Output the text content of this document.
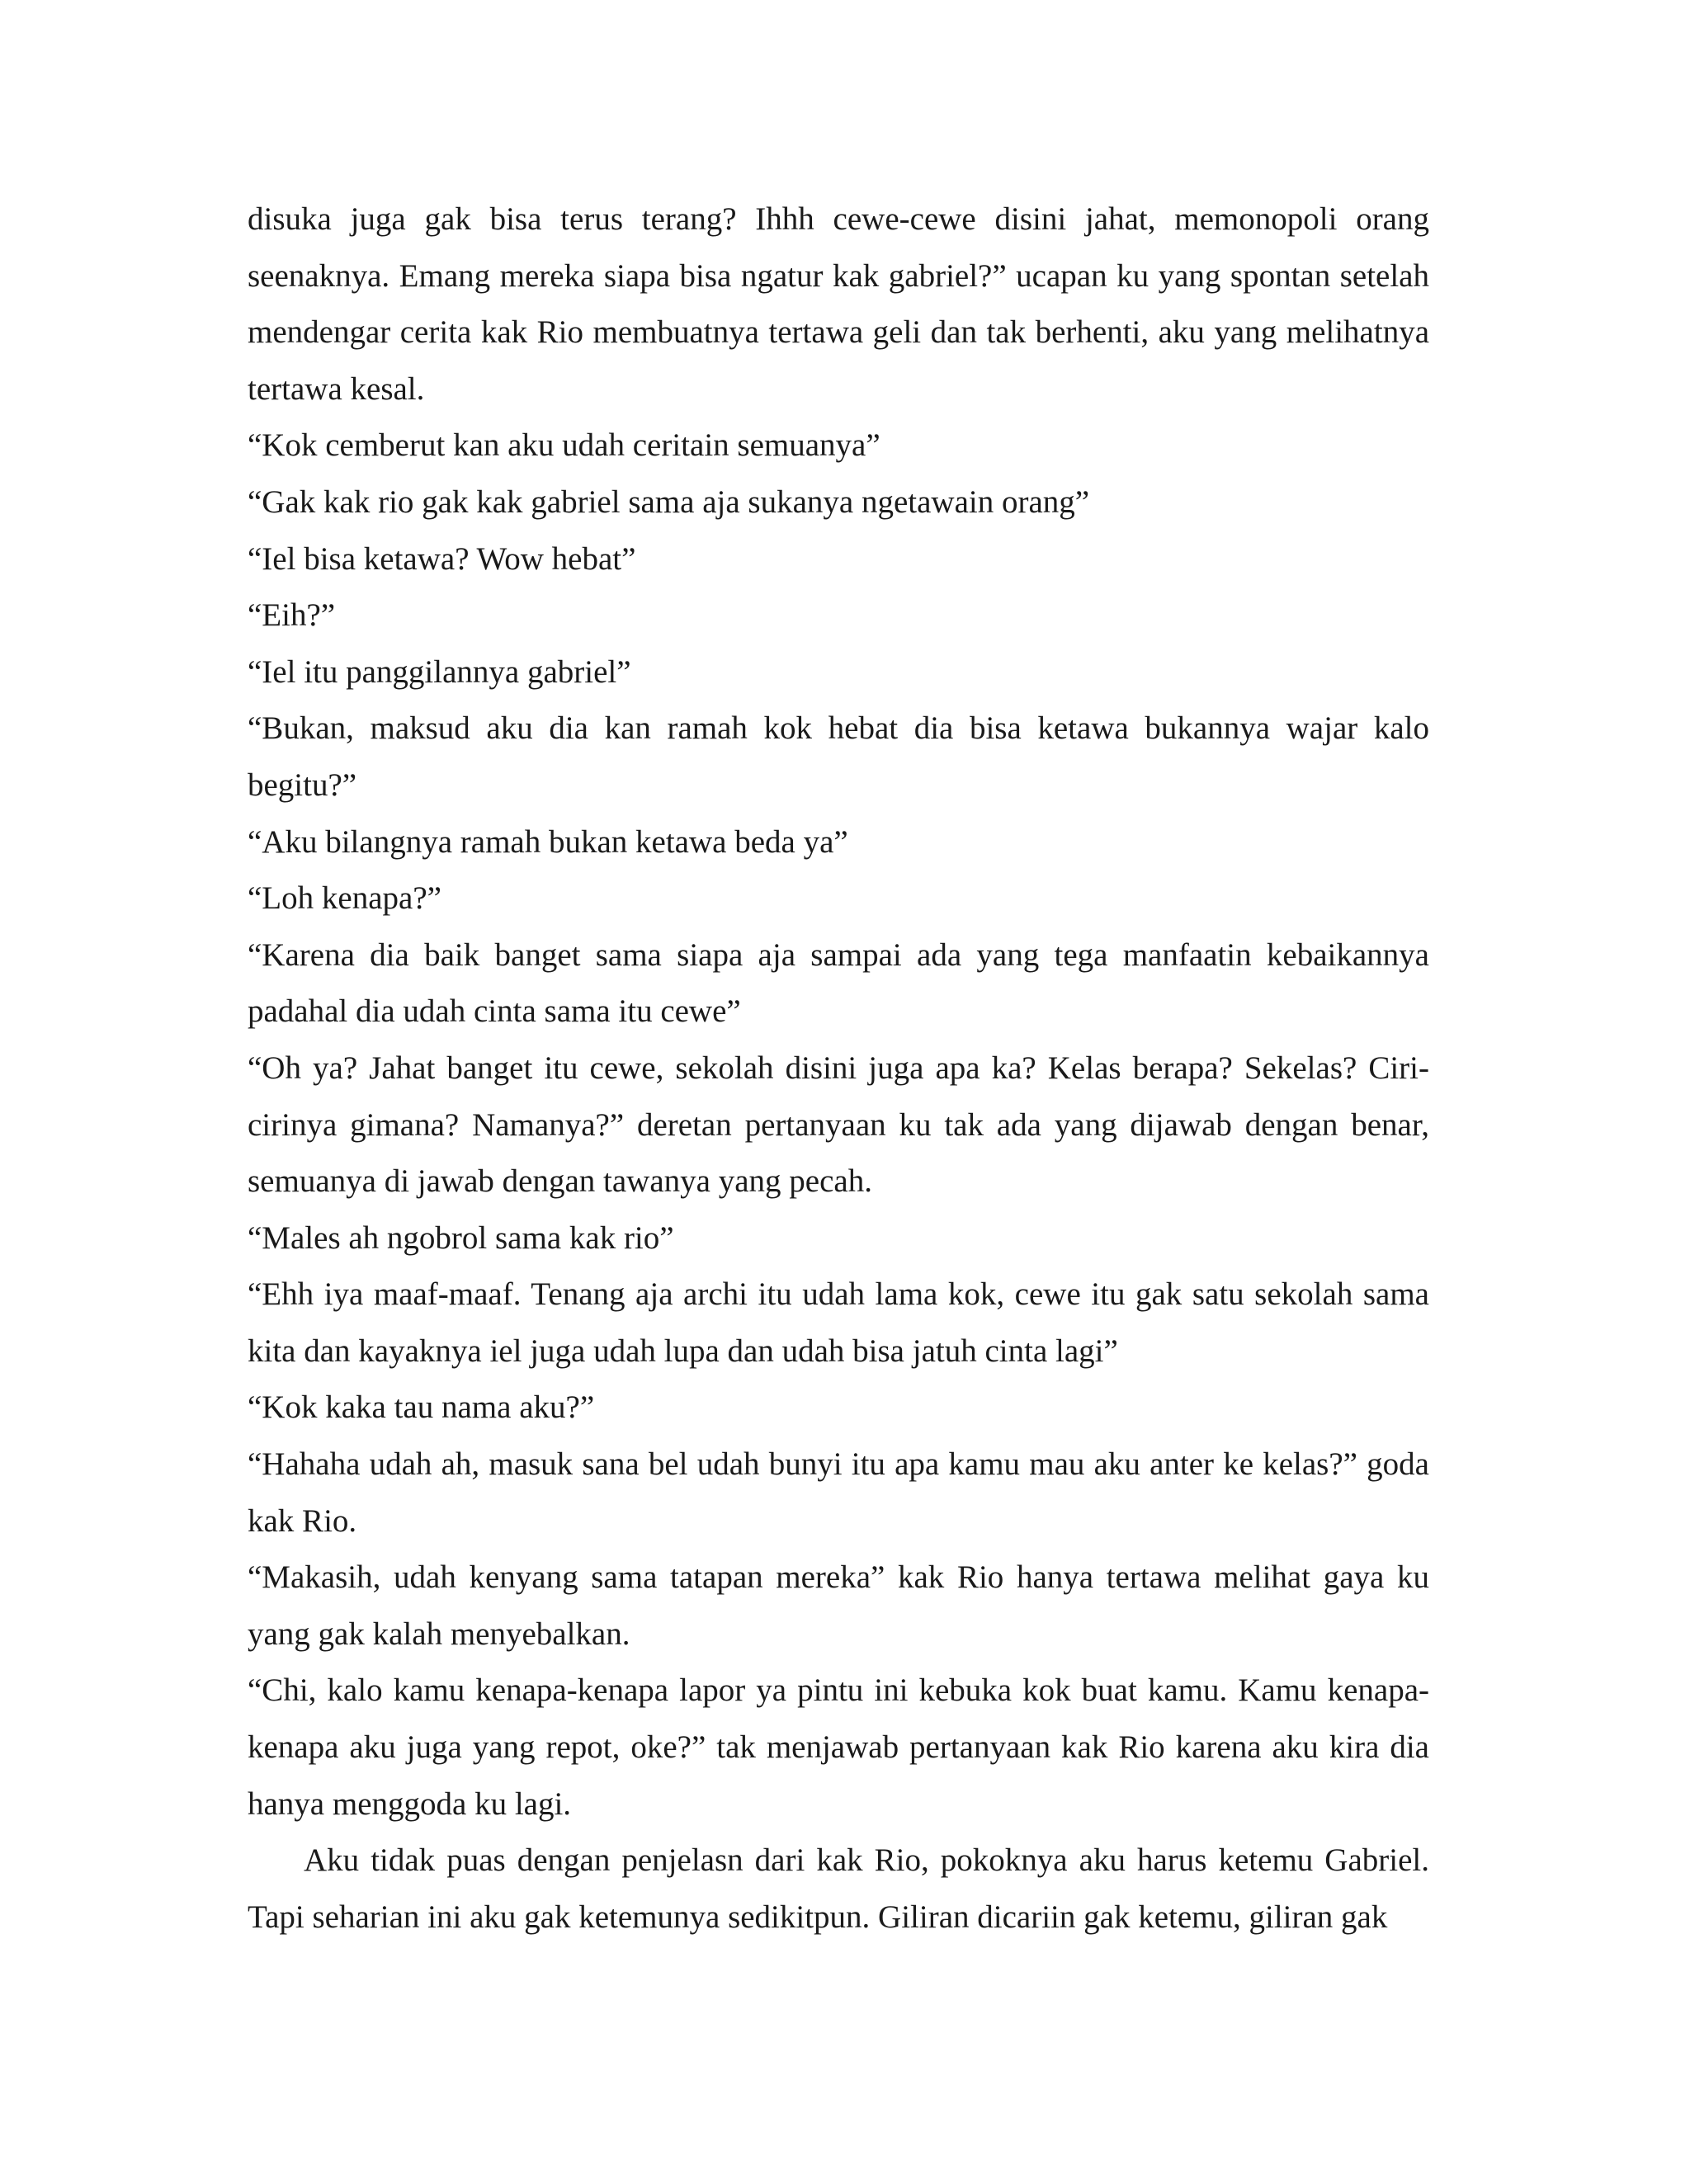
disuka juga gak bisa terus terang? Ihhh cewe-cewe disini jahat, memonopoli orang seenaknya. Emang mereka siapa bisa ngatur kak gabriel?” ucapan ku yang spontan setelah mendengar cerita kak Rio membuatnya tertawa geli dan tak berhenti, aku yang melihatnya tertawa kesal.

“Kok cemberut kan aku udah ceritain semuanya”

“Gak kak rio gak kak gabriel sama aja sukanya ngetawain orang”

“Iel bisa ketawa? Wow hebat”

“Eih?”

“Iel itu panggilannya gabriel”

“Bukan, maksud aku dia kan ramah kok hebat dia bisa ketawa bukannya wajar kalo begitu?”

“Aku bilangnya ramah bukan ketawa beda ya”

“Loh kenapa?”

“Karena dia baik banget sama siapa aja sampai ada yang tega manfaatin kebaikannya padahal dia udah cinta sama itu cewe”

“Oh ya? Jahat banget itu cewe, sekolah disini juga apa ka? Kelas berapa? Sekelas? Ciri-cirinya gimana? Namanya?” deretan pertanyaan ku tak ada yang dijawab dengan benar, semuanya di jawab dengan tawanya yang pecah.

“Males ah ngobrol sama kak rio”

“Ehh iya maaf-maaf. Tenang aja archi itu udah lama kok, cewe itu gak satu sekolah sama kita dan kayaknya iel juga udah lupa dan udah bisa jatuh cinta lagi”

“Kok kaka tau nama aku?”

“Hahaha udah ah, masuk sana bel udah bunyi itu apa kamu mau aku anter ke kelas?” goda kak Rio.

“Makasih, udah kenyang sama tatapan mereka” kak Rio hanya tertawa melihat gaya ku yang gak kalah menyebalkan.

“Chi, kalo kamu kenapa-kenapa lapor ya pintu ini kebuka kok buat kamu. Kamu kenapa-kenapa aku juga yang repot, oke?” tak menjawab pertanyaan kak Rio karena aku kira dia hanya menggoda ku lagi.

Aku tidak puas dengan penjelasn dari kak Rio, pokoknya aku harus ketemu Gabriel. Tapi seharian ini aku gak ketemunya sedikitpun. Giliran dicariin gak ketemu, giliran gak
